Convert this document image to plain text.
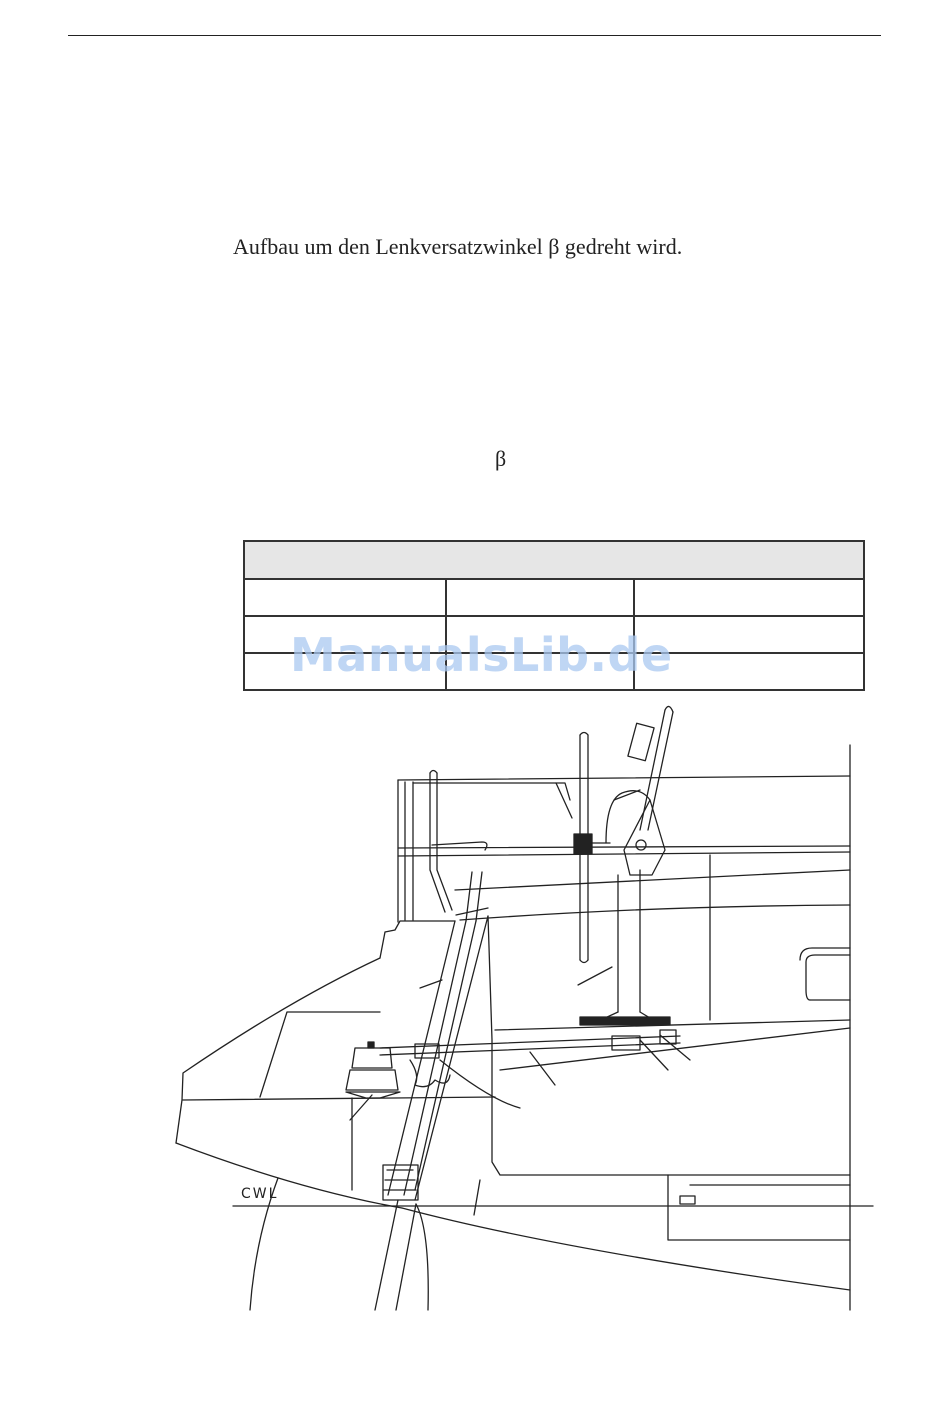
Aufbau um den Lenkversatzwinkel β gedreht wird.
β

ManualsLib.de
CWL
